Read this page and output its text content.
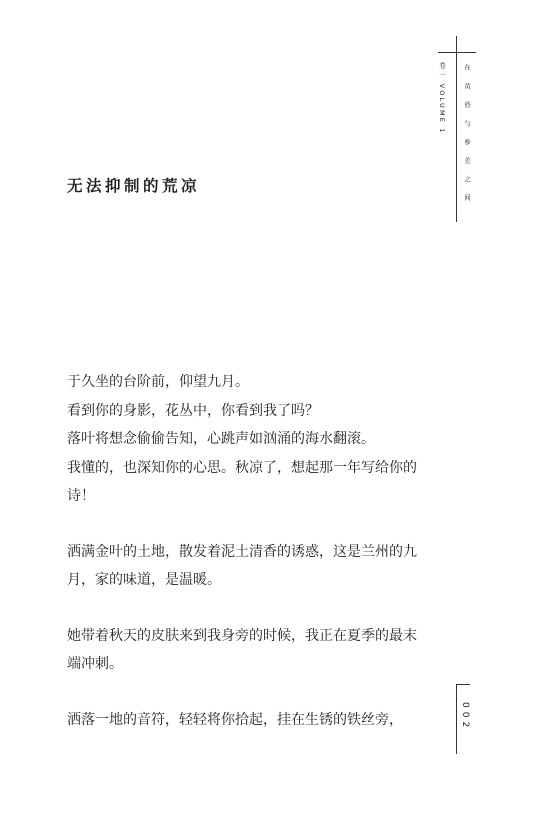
卷一 VOLUME 1	在 黄 昏 与 参 差 之 间
无法抑制的荒凉

于久坐的台阶前，仰望九月。

看到你的身影，花丛中，你看到我了吗？

落叶将想念偷偷告知，心跳声如汹涌的海水翻滚。

我懂的，也深知你的心思。秋凉了，想起那一年写给你的诗！

洒满金叶的土地，散发着泥土清香的诱惑，这是兰州的九月，家的味道，是温暖。

她带着秋天的皮肤来到我身旁的时候，我正在夏季的最末端冲刺。

洒落一地的音符，轻轻将你拾起，挂在生锈的铁丝旁，	002
